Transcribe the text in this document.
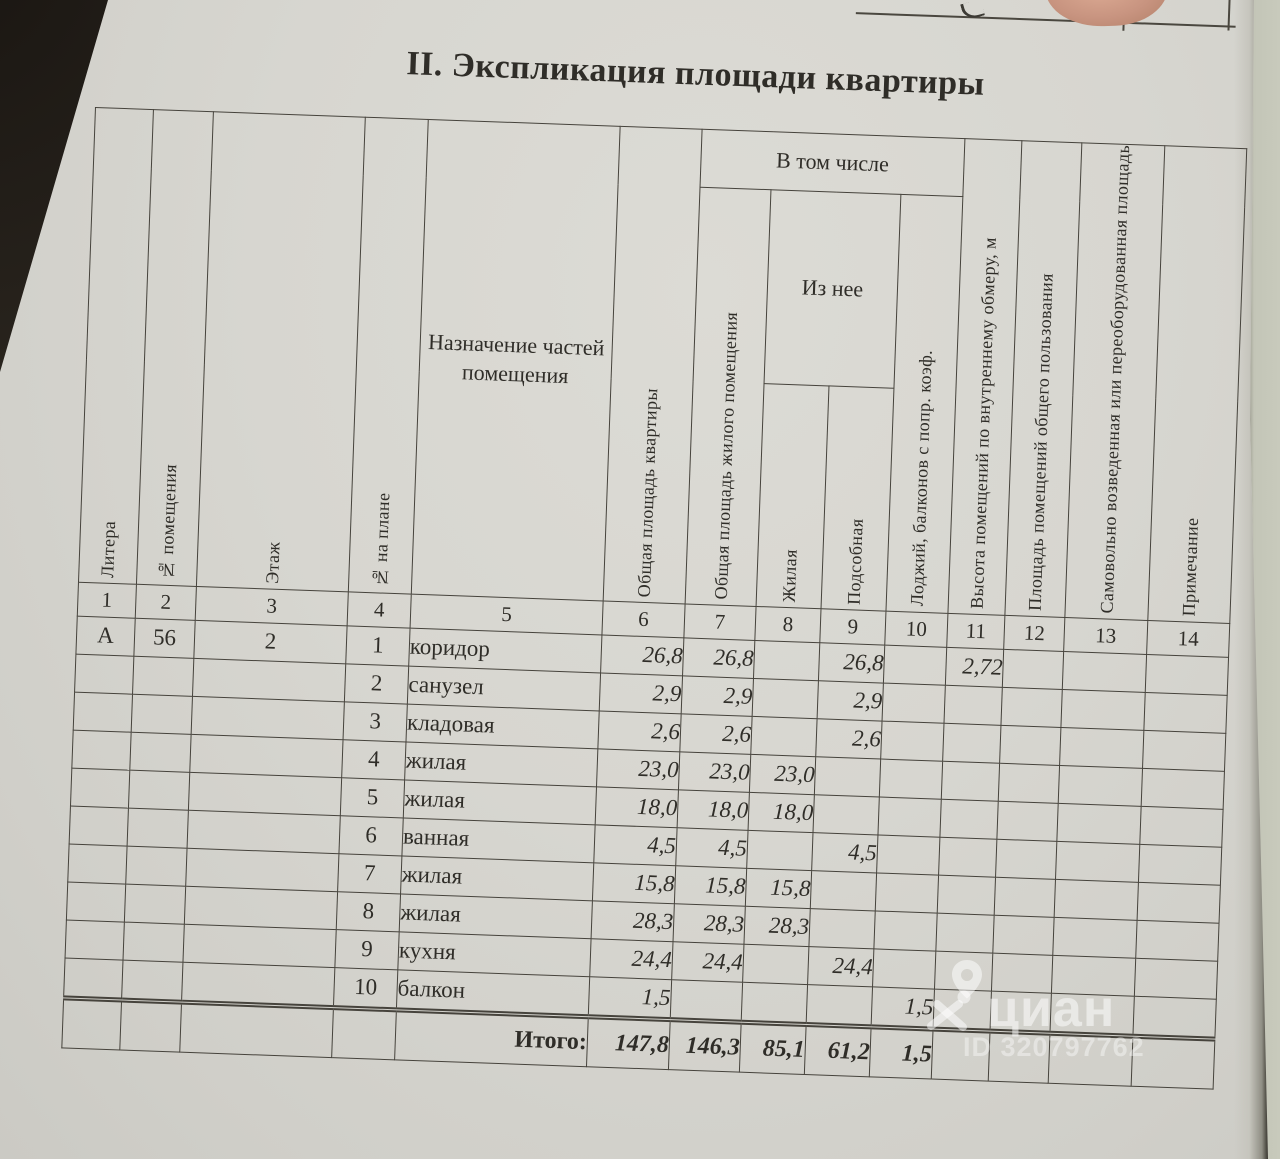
II. Экспликация площади квартиры
Литера	№ помещения	Этаж	№ на плане	Назначение частей помещения	Общая площадь квартиры	В том числе				Высота помещений по внутреннему обмеру, м	Площадь помещений общего пользования	Самовольно возведенная или переоборудованная площадь	Примечание
						Общая площадь жилого помещения	Из нее		Лоджий, балконов с попр. коэф.				
							Жилая	Подсобная					
1	2	3	4	5	6	7	8	9	10	11	12	13	14
А	56	2	1	коридор	26,8	26,8		26,8		2,72			
			2	санузел	2,9	2,9		2,9					
			3	кладовая	2,6	2,6		2,6					
			4	жилая	23,0	23,0	23,0						
			5	жилая	18,0	18,0	18,0						
			6	ванная	4,5	4,5		4,5					
			7	жилая	15,8	15,8	15,8						
			8	жилая	28,3	28,3	28,3						
			9	кухня	24,4	24,4		24,4					
			10	балкон	1,5				1,5				
				Итого:	147,8	146,3	85,1	61,2	1,5				
циан
ID 320797762
